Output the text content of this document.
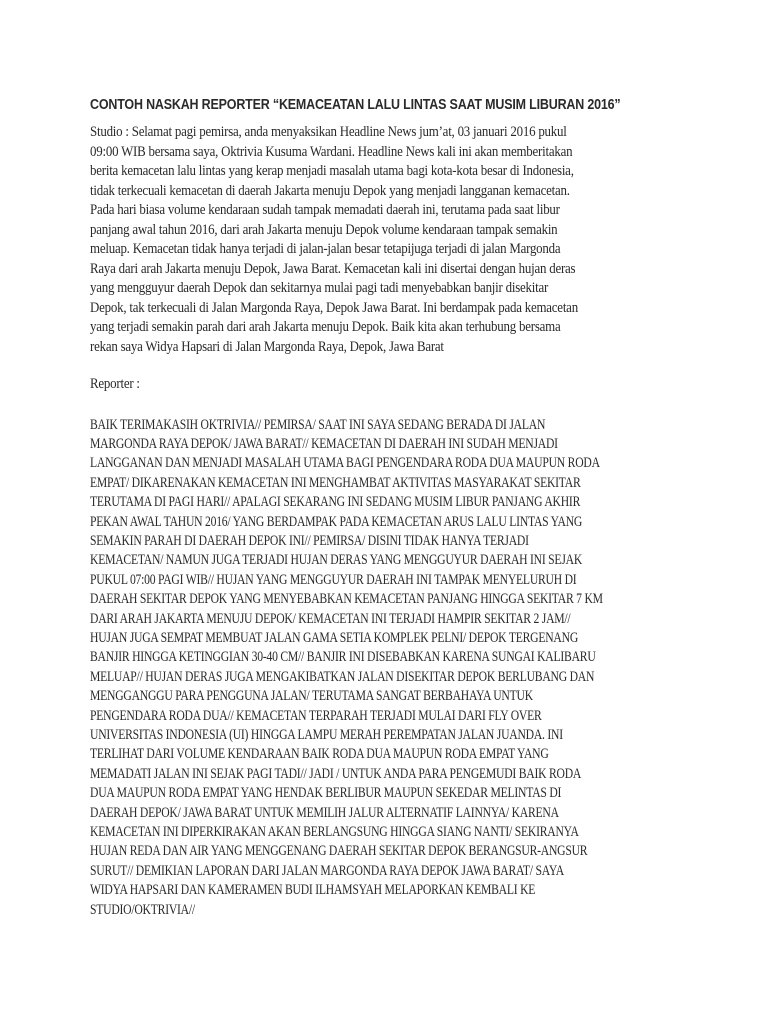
CONTOH NASKAH REPORTER “KEMACEATAN LALU LINTAS SAAT MUSIM LIBURAN 2016”
Studio : Selamat pagi pemirsa, anda menyaksikan Headline News jum’at, 03 januari 2016 pukul
09:00 WIB bersama saya, Oktrivia Kusuma Wardani. Headline News kali ini akan memberitakan
berita kemacetan lalu lintas yang kerap menjadi masalah utama bagi kota-kota besar di Indonesia,
tidak terkecuali kemacetan di daerah Jakarta menuju Depok yang menjadi langganan kemacetan.
Pada hari biasa volume kendaraan sudah tampak memadati daerah ini, terutama pada saat libur
panjang awal tahun 2016, dari arah Jakarta menuju Depok volume kendaraan tampak semakin
meluap. Kemacetan tidak hanya terjadi di jalan-jalan besar tetapijuga terjadi di jalan Margonda
Raya dari arah Jakarta menuju Depok, Jawa Barat. Kemacetan kali ini disertai dengan hujan deras
yang mengguyur daerah Depok dan sekitarnya mulai pagi tadi menyebabkan banjir disekitar
Depok, tak terkecuali di Jalan Margonda Raya, Depok Jawa Barat. Ini berdampak pada kemacetan
yang terjadi semakin parah dari arah Jakarta menuju Depok. Baik kita akan terhubung bersama
rekan saya Widya Hapsari di Jalan Margonda Raya, Depok, Jawa Barat
Reporter :
BAIK TERIMAKASIH OKTRIVIA// PEMIRSA/ SAAT INI SAYA SEDANG BERADA DI JALAN
MARGONDA RAYA DEPOK/ JAWA BARAT// KEMACETAN DI DAERAH INI SUDAH MENJADI
LANGGANAN DAN MENJADI MASALAH UTAMA BAGI PENGENDARA RODA DUA MAUPUN RODA
EMPAT/ DIKARENAKAN KEMACETAN INI MENGHAMBAT AKTIVITAS MASYARAKAT SEKITAR
TERUTAMA DI PAGI HARI// APALAGI SEKARANG INI SEDANG MUSIM LIBUR PANJANG AKHIR
PEKAN AWAL TAHUN 2016/ YANG BERDAMPAK PADA KEMACETAN ARUS LALU LINTAS YANG
SEMAKIN PARAH DI DAERAH DEPOK INI// PEMIRSA/ DISINI TIDAK HANYA TERJADI
KEMACETAN/ NAMUN JUGA TERJADI HUJAN DERAS YANG MENGGUYUR DAERAH INI SEJAK
PUKUL 07:00 PAGI WIB// HUJAN YANG MENGGUYUR DAERAH INI TAMPAK MENYELURUH DI
DAERAH SEKITAR DEPOK YANG MENYEBABKAN KEMACETAN PANJANG HINGGA SEKITAR 7 KM
DARI ARAH JAKARTA MENUJU DEPOK/ KEMACETAN INI TERJADI HAMPIR SEKITAR 2 JAM//
HUJAN JUGA SEMPAT MEMBUAT JALAN GAMA SETIA KOMPLEK PELNI/ DEPOK TERGENANG
BANJIR HINGGA KETINGGIAN 30-40 CM// BANJIR INI DISEBABKAN KARENA SUNGAI KALIBARU
MELUAP// HUJAN DERAS JUGA MENGAKIBATKAN JALAN DISEKITAR DEPOK BERLUBANG DAN
MENGGANGGU PARA PENGGUNA JALAN/ TERUTAMA SANGAT BERBAHAYA UNTUK
PENGENDARA RODA DUA// KEMACETAN TERPARAH TERJADI MULAI DARI FLY OVER
UNIVERSITAS INDONESIA (UI) HINGGA LAMPU MERAH PEREMPATAN JALAN JUANDA. INI
TERLIHAT DARI VOLUME KENDARAAN BAIK RODA DUA MAUPUN RODA EMPAT YANG
MEMADATI JALAN INI SEJAK PAGI TADI// JADI / UNTUK ANDA PARA PENGEMUDI BAIK RODA
DUA MAUPUN RODA EMPAT YANG HENDAK BERLIBUR MAUPUN SEKEDAR MELINTAS DI
DAERAH DEPOK/ JAWA BARAT UNTUK MEMILIH JALUR ALTERNATIF LAINNYA/ KARENA
KEMACETAN INI DIPERKIRAKAN AKAN BERLANGSUNG HINGGA SIANG NANTI/ SEKIRANYA
HUJAN REDA DAN AIR YANG MENGGENANG DAERAH SEKITAR DEPOK BERANGSUR-ANGSUR
SURUT// DEMIKIAN LAPORAN DARI JALAN MARGONDA RAYA DEPOK JAWA BARAT/ SAYA
WIDYA HAPSARI DAN KAMERAMEN BUDI ILHAMSYAH MELAPORKAN KEMBALI KE
STUDIO/OKTRIVIA//
